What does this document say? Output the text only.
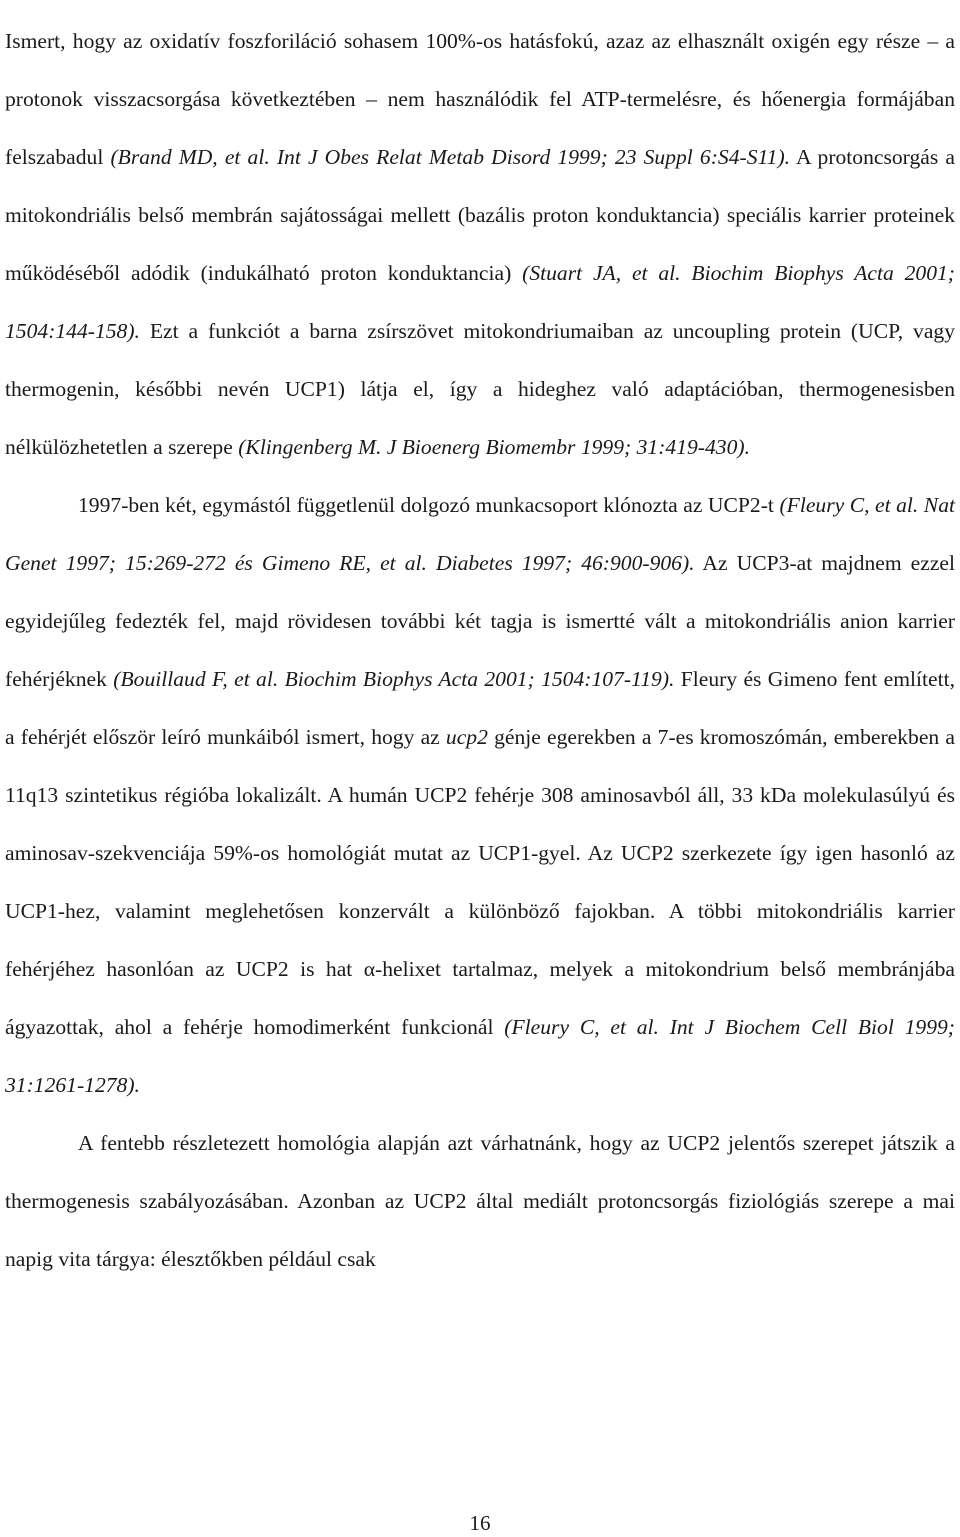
Ismert, hogy az oxidatív foszforiláció sohasem 100%-os hatásfokú, azaz az elhasznált oxigén egy része – a protonok visszacsorgása következtében – nem használódik fel ATP-termelésre, és hőenergia formájában felszabadul (Brand MD, et al. Int J Obes Relat Metab Disord 1999; 23 Suppl 6:S4-S11). A protoncsorgás a mitokondriális belső membrán sajátosságai mellett (bazális proton konduktancia) speciális karrier proteinek működéséből adódik (indukálható proton konduktancia) (Stuart JA, et al. Biochim Biophys Acta 2001; 1504:144-158). Ezt a funkciót a barna zsírszövet mitokondriumaiban az uncoupling protein (UCP, vagy thermogenin, későbbi nevén UCP1) látja el, így a hideghez való adaptációban, thermogenesisben nélkülözhetetlen a szerepe (Klingenberg M. J Bioenerg Biomembr 1999; 31:419-430).

1997-ben két, egymástól függetlenül dolgozó munkacsoport klónozta az UCP2-t (Fleury C, et al. Nat Genet 1997; 15:269-272 és Gimeno RE, et al. Diabetes 1997; 46:900-906). Az UCP3-at majdnem ezzel egyidejűleg fedezték fel, majd rövidesen további két tagja is ismertté vált a mitokondriális anion karrier fehérjéknek (Bouillaud F, et al. Biochim Biophys Acta 2001; 1504:107-119). Fleury és Gimeno fent említett, a fehérjét először leíró munkáiból ismert, hogy az ucp2 génje egerekben a 7-es kromoszómán, emberekben a 11q13 szintetikus régióba lokalizált. A humán UCP2 fehérje 308 aminosavból áll, 33 kDa molekulasúlyú és aminosav-szekvenciája 59%-os homológiát mutat az UCP1-gyel. Az UCP2 szerkezete így igen hasonló az UCP1-hez, valamint meglehetősen konzervált a különböző fajokban. A többi mitokondriális karrier fehérjéhez hasonlóan az UCP2 is hat α-helixet tartalmaz, melyek a mitokondrium belső membránjába ágyazottak, ahol a fehérje homodimerként funkcionál (Fleury C, et al. Int J Biochem Cell Biol 1999; 31:1261-1278).

A fentebb részletezett homológia alapján azt várhatnánk, hogy az UCP2 jelentős szerepet játszik a thermogenesis szabályozásában. Azonban az UCP2 által mediált protoncsorgás fiziológiás szerepe a mai napig vita tárgya: élesztőkben például csak

16
